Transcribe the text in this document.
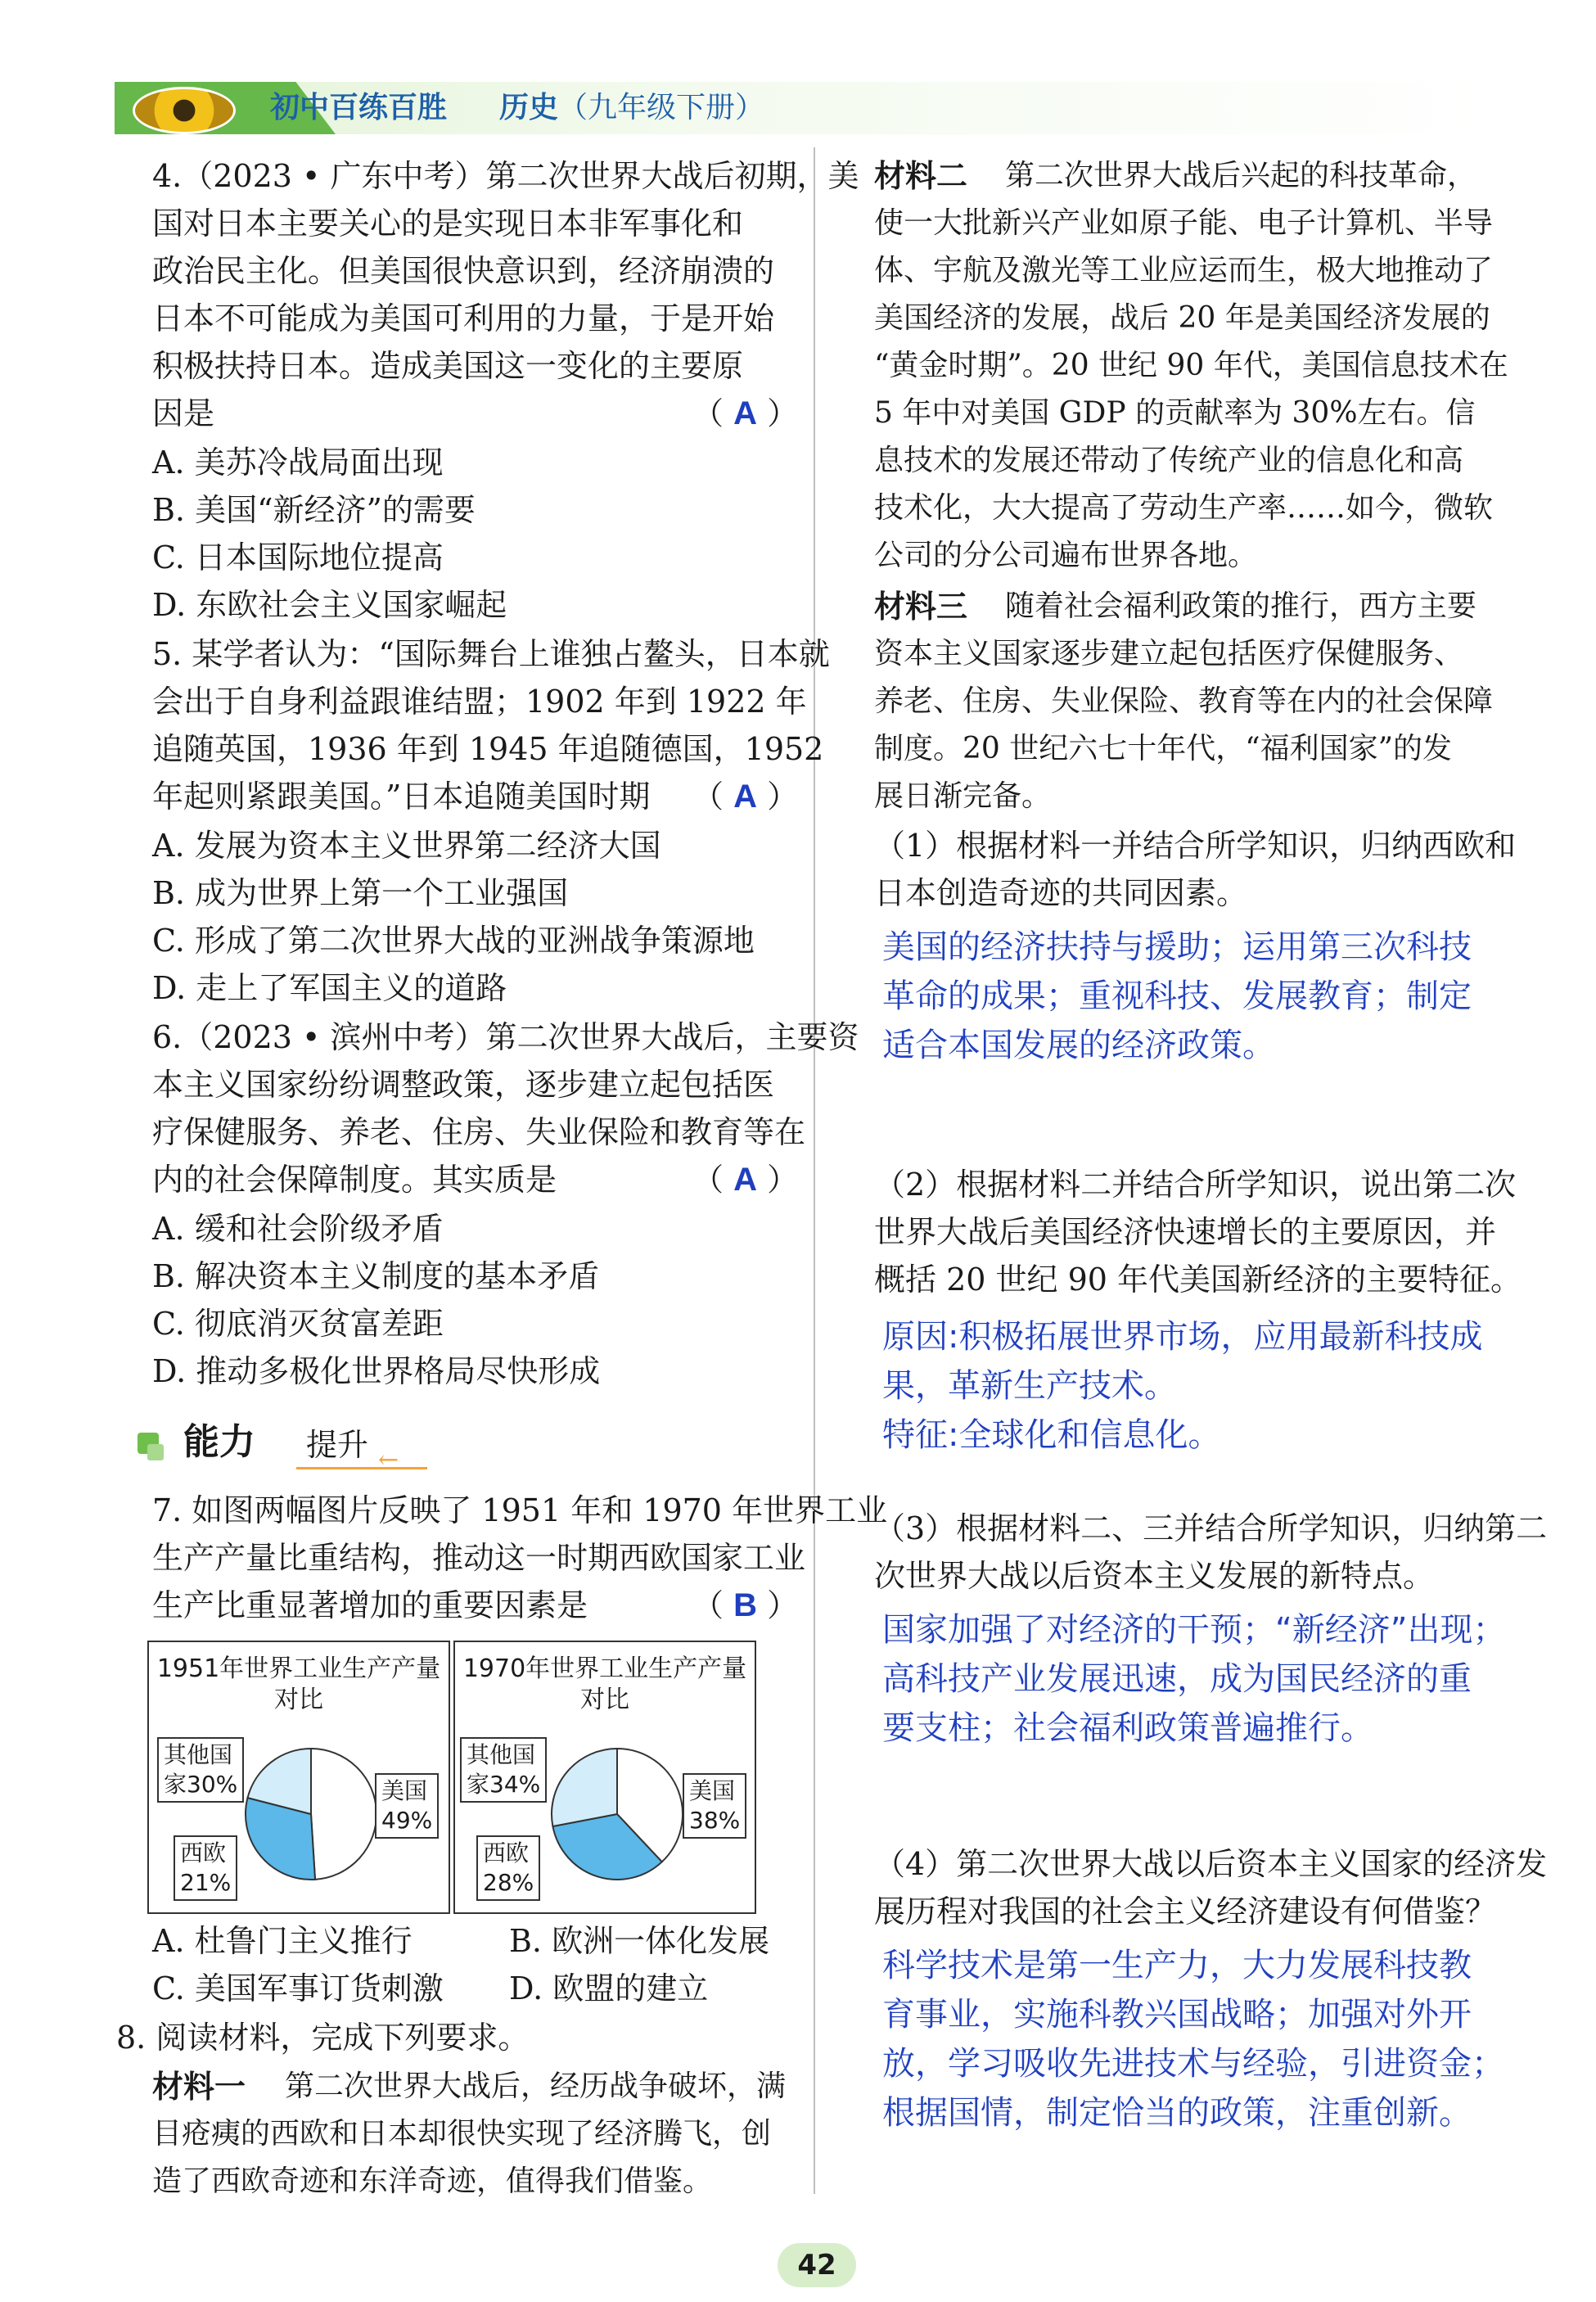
初中百练百胜 历史（九年级下册）
4.（2023 • 广东中考）第二次世界大战后初期，美
国对日本主要关心的是实现日本非军事化和
政治民主化。但美国很快意识到，经济崩溃的
日本不可能成为美国可利用的力量，于是开始
积极扶持日本。造成美国这一变化的主要原
因是	（ A ）
A. 美苏冷战局面出现
B. 美国“新经济”的需要
C. 日本国际地位提高
D. 东欧社会主义国家崛起
5. 某学者认为：“国际舞台上谁独占鳌头，日本就
会出于自身利益跟谁结盟；1902 年到 1922 年
追随英国，1936 年到 1945 年追随德国，1952
年起则紧跟美国。”日本追随美国时期 （ A ）
A. 发展为资本主义世界第二经济大国
B. 成为世界上第一个工业强国
C. 形成了第二次世界大战的亚洲战争策源地
D. 走上了军国主义的道路
6.（2023 • 滨州中考）第二次世界大战后，主要资
本主义国家纷纷调整政策，逐步建立起包括医
疗保健服务、养老、住房、失业保险和教育等在
内的社会保障制度。其实质是	（ A ）
A. 缓和社会阶级矛盾
B. 解决资本主义制度的基本矛盾
C. 彻底消灭贫富差距
D. 推动多极化世界格局尽快形成
能力 提升 ←
7. 如图两幅图片反映了 1951 年和 1970 年世界工业
生产产量比重结构，推动这一时期西欧国家工业
生产比重显著增加的重要因素是	（ B ）
1951年世界工业生产产量对比
其他国
家30%	美国
49%
西欧
21%
1970年世界工业生产产量对比
其他国
家34%	美国
38%
西欧
28%
A. 杜鲁门主义推行	B. 欧洲一体化发展
C. 美国军事订货刺激 D. 欧盟的建立
8. 阅读材料，完成下列要求。
材料一 第二次世界大战后，经历战争破坏，满
目疮痍的西欧和日本却很快实现了经济腾飞，创
造了西欧奇迹和东洋奇迹，值得我们借鉴。
材料二 第二次世界大战后兴起的科技革命，
使一大批新兴产业如原子能、电子计算机、半导
体、宇航及激光等工业应运而生，极大地推动了
美国经济的发展，战后 20 年是美国经济发展的
“黄金时期”。20 世纪 90 年代，美国信息技术在
5 年中对美国 GDP 的贡献率为 30%左右。信
息技术的发展还带动了传统产业的信息化和高
技术化，大大提高了劳动生产率……如今，微软
公司的分公司遍布世界各地。
材料三 随着社会福利政策的推行，西方主要
资本主义国家逐步建立起包括医疗保健服务、
养老、住房、失业保险、教育等在内的社会保障
制度。20 世纪六七十年代，“福利国家”的发
展日渐完备。
（1）根据材料一并结合所学知识，归纳西欧和
日本创造奇迹的共同因素。
美国的经济扶持与援助；运用第三次科技
革命的成果；重视科技、发展教育；制定
适合本国发展的经济政策。
（2）根据材料二并结合所学知识，说出第二次
世界大战后美国经济快速增长的主要原因，并
概括 20 世纪 90 年代美国新经济的主要特征。
原因:积极拓展世界市场，应用最新科技成
果，革新生产技术。
特征:全球化和信息化。
（3）根据材料二、三并结合所学知识，归纳第二
次世界大战以后资本主义发展的新特点。
国家加强了对经济的干预；“新经济”出现；
高科技产业发展迅速，成为国民经济的重
要支柱；社会福利政策普遍推行。
（4）第二次世界大战以后资本主义国家的经济发
展历程对我国的社会主义经济建设有何借鉴？
科学技术是第一生产力，大力发展科技教
育事业，实施科教兴国战略；加强对外开
放，学习吸收先进技术与经验，引进资金；
根据国情，制定恰当的政策，注重创新。
42
